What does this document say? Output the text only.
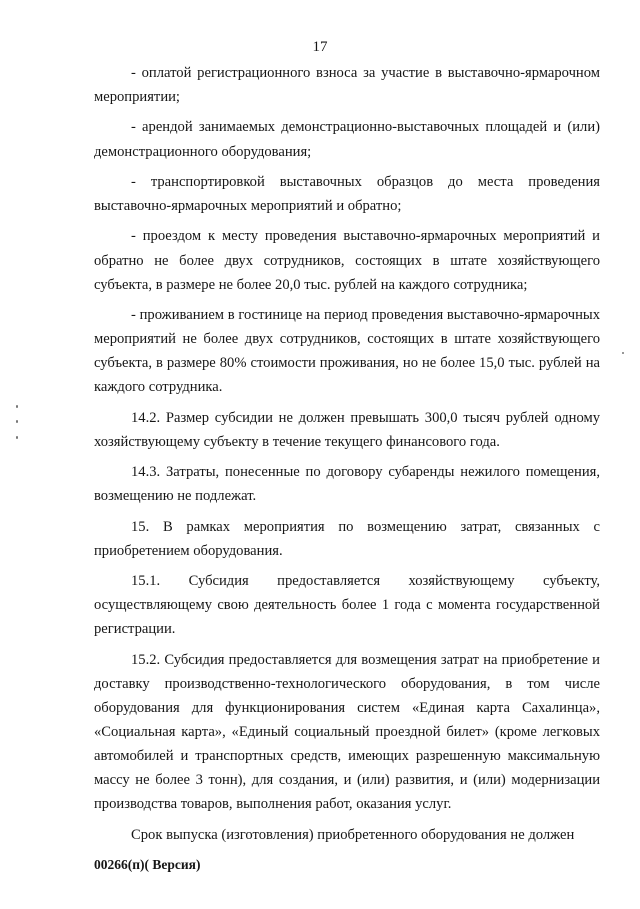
17

- оплатой регистрационного взноса за участие в выставочно-ярмарочном мероприятии;

- арендой занимаемых демонстрационно-выставочных площадей и (или) демонстрационного оборудования;

- транспортировкой выставочных образцов до места проведения выставочно-ярмарочных мероприятий и обратно;

- проездом к месту проведения выставочно-ярмарочных мероприятий и обратно не более двух сотрудников, состоящих в штате хозяйствующего субъекта, в размере не более 20,0 тыс. рублей на каждого сотрудника;

- проживанием в гостинице на период проведения выставочно-ярмарочных мероприятий не более двух сотрудников, состоящих в штате хозяйствующего субъекта, в размере 80% стоимости проживания, но не более 15,0 тыс. рублей на каждого сотрудника.

14.2. Размер субсидии не должен превышать 300,0 тысяч рублей одному хозяйствующему субъекту в течение текущего финансового года.

14.3. Затраты, понесенные по договору субаренды нежилого помещения, возмещению не подлежат.

15. В рамках мероприятия по возмещению затрат, связанных с приобретением оборудования.

15.1. Субсидия предоставляется хозяйствующему субъекту, осуществляющему свою деятельность более 1 года с момента государственной регистрации.

15.2. Субсидия предоставляется для возмещения затрат на приобретение и доставку производственно-технологического оборудования, в том числе оборудования для функционирования систем «Единая карта Сахалинца», «Социальная карта», «Единый социальный проездной билет» (кроме легковых автомобилей и транспортных средств, имеющих разрешенную максимальную массу не более 3 тонн), для создания, и (или) развития, и (или) модернизации производства товаров, выполнения работ, оказания услуг.

Срок выпуска (изготовления) приобретенного оборудования не должен

00266(п)( Версия)
